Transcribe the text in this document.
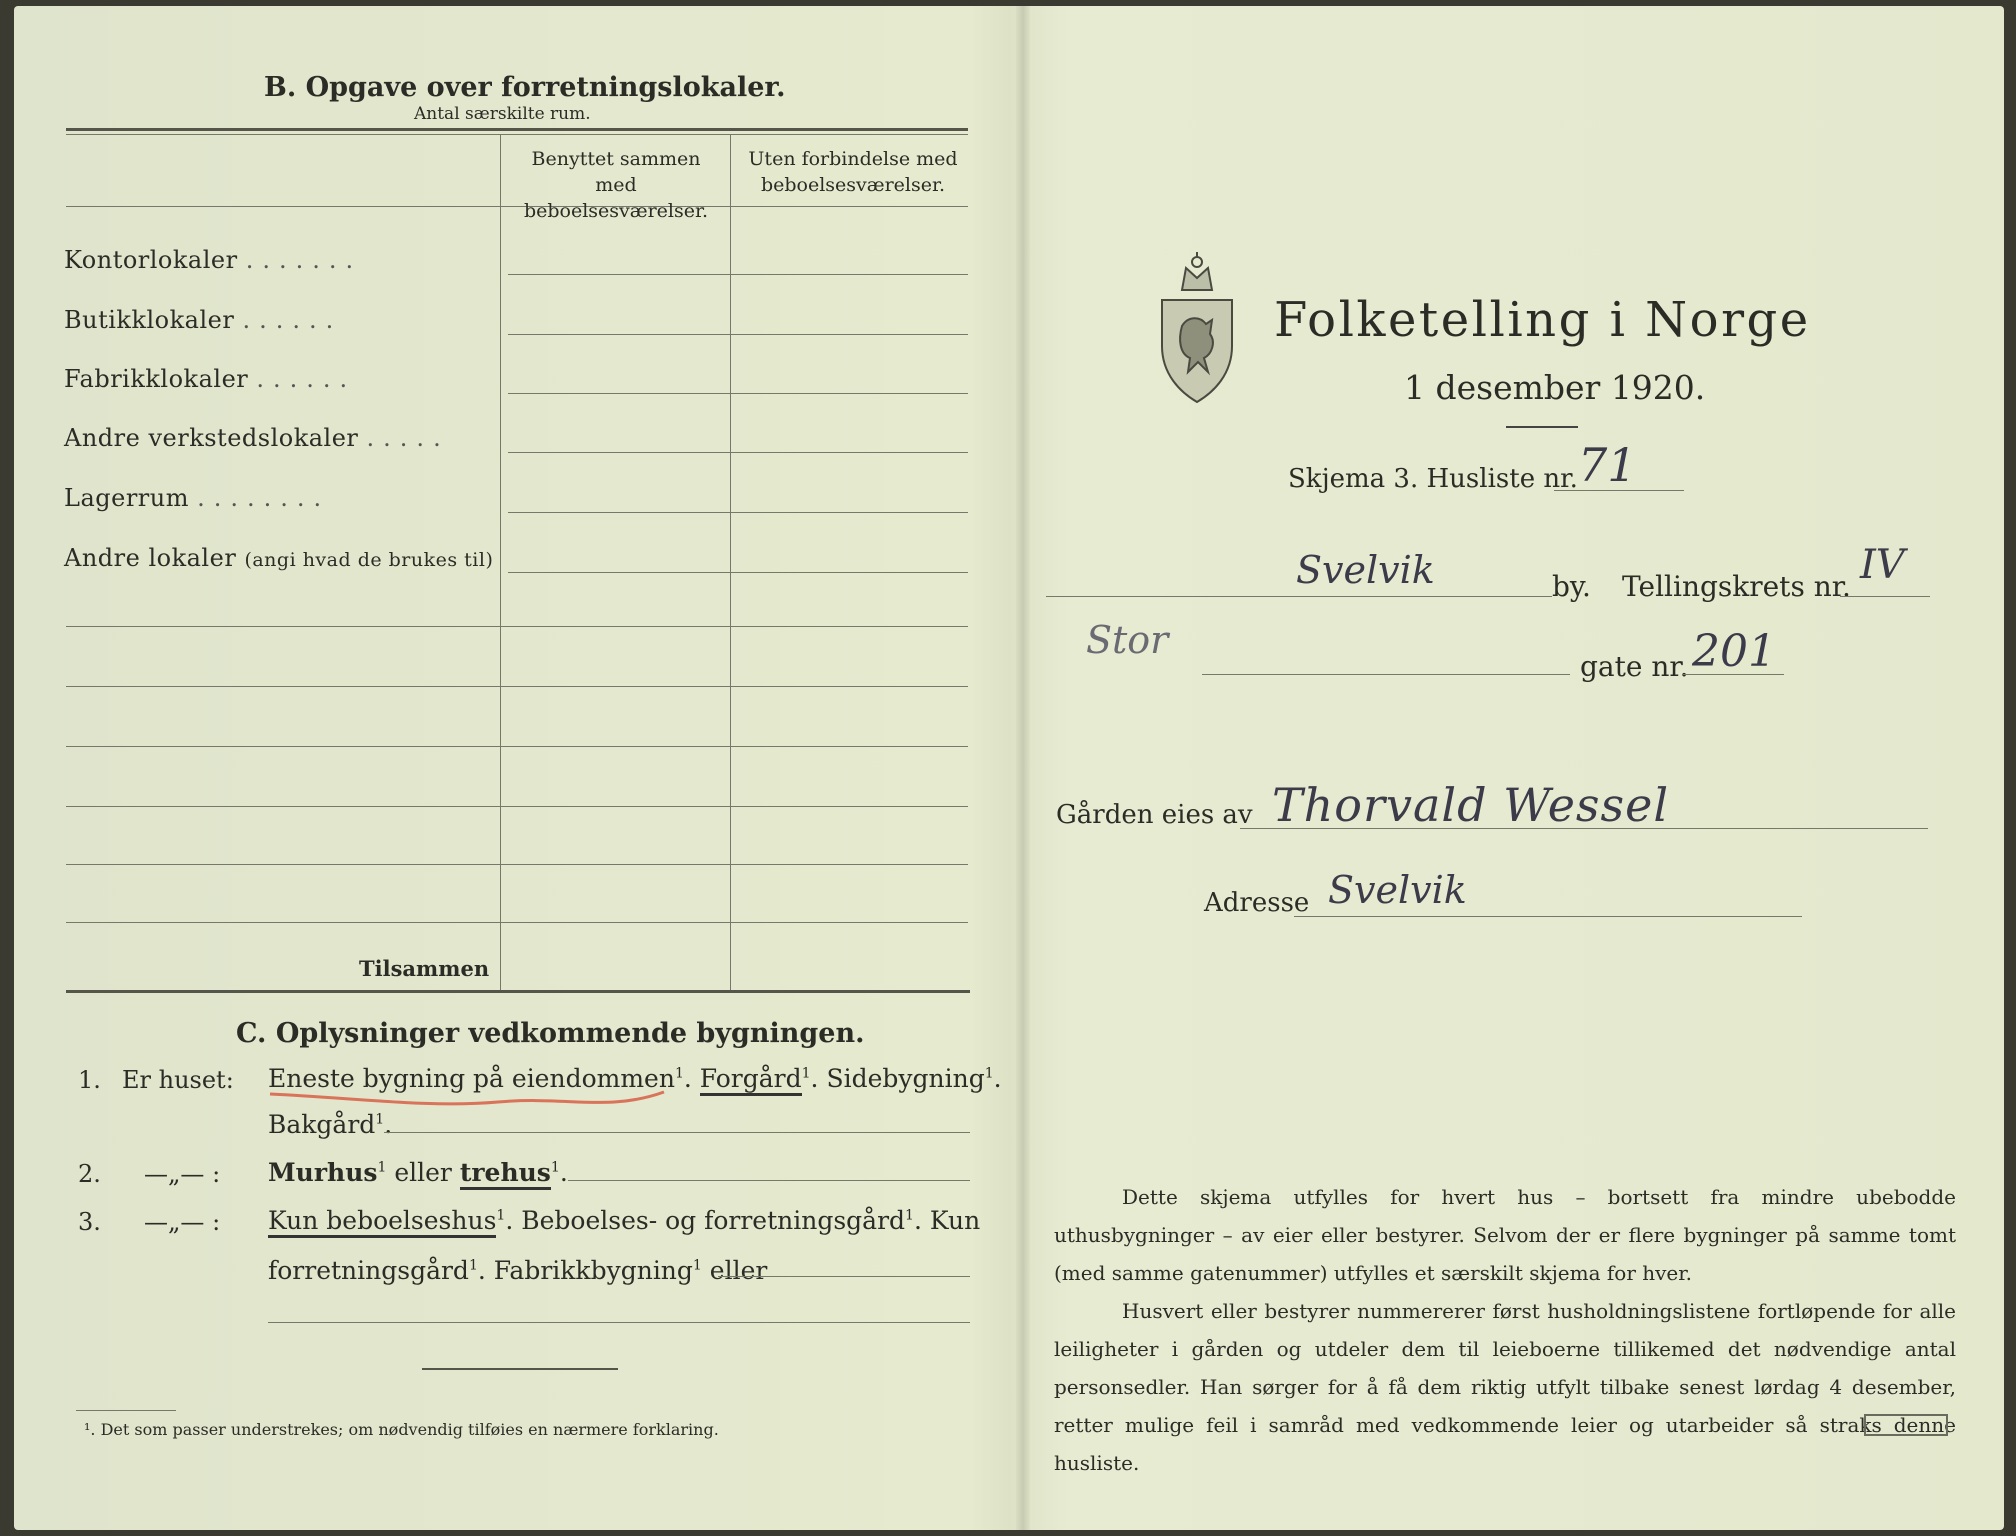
B. Opgave over forretningslokaler.
Antal særskilte rum.
Benyttet sammen med beboelsesværelser.
Uten forbindelse med beboelsesværelser.
Kontorlokaler .......
Butikklokaler ......
Fabrikklokaler ......
Andre verkstedslokaler .....
Lagerrum ........
Andre lokaler (angi hvad de brukes til)
Tilsammen
C. Oplysninger vedkommende bygningen.
1. Er huset: Eneste bygning på eiendommen$^1$. Forgård$^1$. Sidebygning$^1$.
Bakgård$^1$.
2. —„— : Murhus$^1$ eller trehus$^1$.
3. —„— : Kun beboelseshus$^1$. Beboelses- og forretningsgård$^1$. Kun
forretningsgård$^1$. Fabrikkbygning$^1$ eller
¹. Det som passer understrekes; om nødvendig tilføies en nærmere forklaring.
Folketelling i Norge
1 desember 1920.
Skjema 3. Husliste nr. 71
Svelvik	by. Tellingskrets nr. IV
Stor
gate nr. 201
Gården eies av Thorvald Wessel
Adresse Svelvik
Dette skjema utfylles for hvert hus – bortsett fra mindre ubebodde uthusbygninger – av eier eller bestyrer. Selvom der er flere bygninger på samme tomt (med samme gatenummer) utfylles et særskilt skjema for hver.
Husvert eller bestyrer nummererer først husholdningslistene fortløpende for alle leiligheter i gården og utdeler dem til leieboerne tillikemed det nødvendige antal personsedler. Han sørger for å få dem riktig utfylt tilbake senest lørdag 4 desember, retter mulige feil i samråd med vedkommende leier og utarbeider så straks denne husliste.
